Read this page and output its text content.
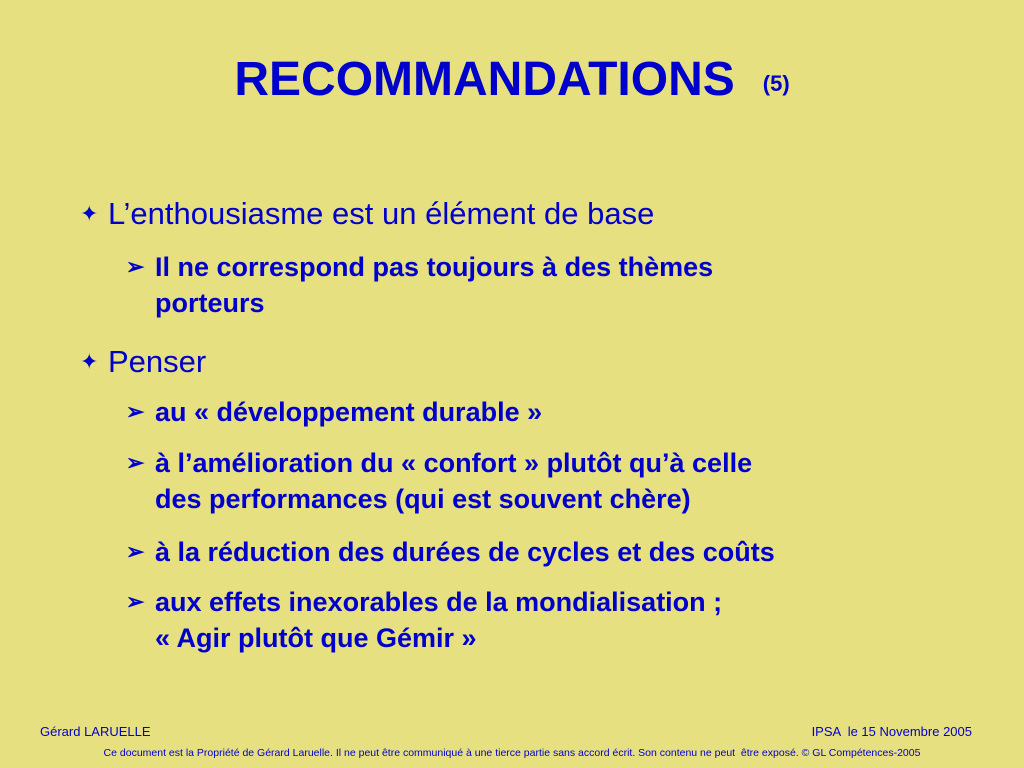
RECOMMANDATIONS (5)
✦ L’enthousiasme est un élément de base
➢ Il ne correspond pas toujours à des thèmes
porteurs
✦ Penser
➢ au « développement durable »
➢ à l’amélioration du « confort » plutôt qu’à celle
des performances (qui est souvent chère)
➢ à la réduction des durées de cycles et des coûts
➢ aux effets inexorables de la mondialisation ;
« Agir plutôt que Gémir »
Gérard LARUELLE	IPSA  le 15 Novembre 2005
Ce document est la Propriété de Gérard Laruelle. Il ne peut être communiqué à une tierce partie sans accord écrit. Son contenu ne peut  être exposé. © GL Compétences-2005
